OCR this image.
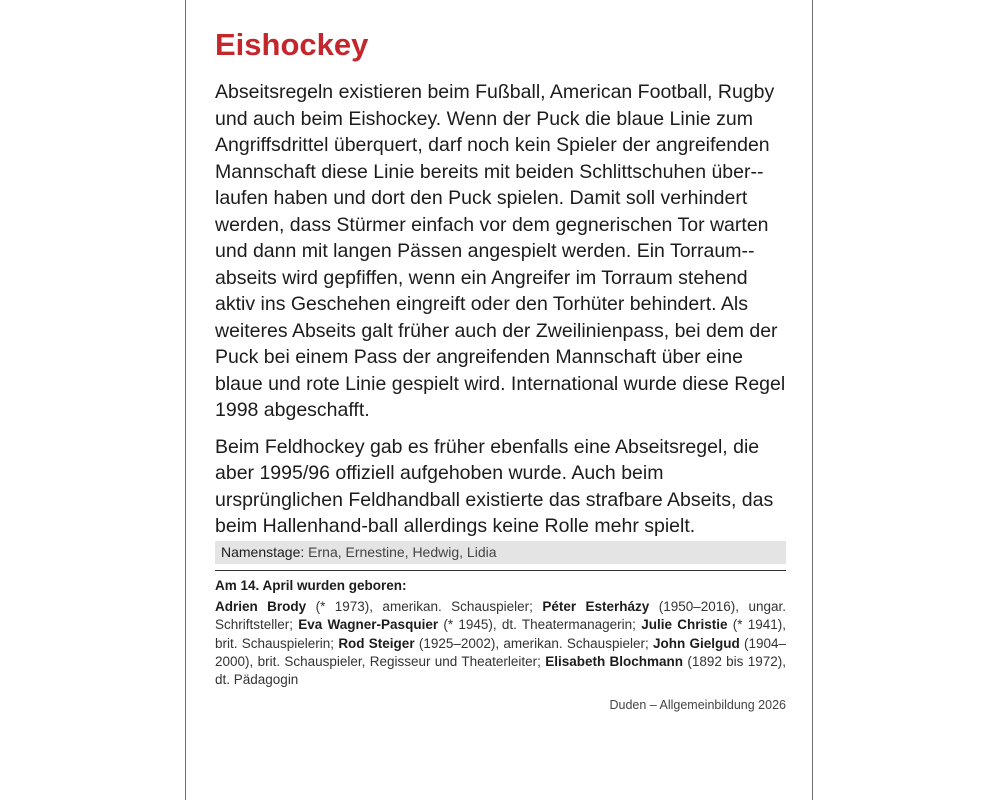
Eishockey

Abseitsregeln existieren beim Fußball, American Football, Rugby und auch beim Eishockey. Wenn der Puck die blaue Linie zum Angriffsdrittel überquert, darf noch kein Spieler der angreifenden Mannschaft diese Linie bereits mit beiden Schlittschuhen über-laufen haben und dort den Puck spielen. Damit soll verhindert werden, dass Stürmer einfach vor dem gegnerischen Tor warten und dann mit langen Pässen angespielt werden. Ein Torraum-abseits wird gepfiffen, wenn ein Angreifer im Torraum stehend aktiv ins Geschehen eingreift oder den Torhüter behindert. Als weiteres Abseits galt früher auch der Zweilinienpass, bei dem der Puck bei einem Pass der angreifenden Mannschaft über eine blaue und rote Linie gespielt wird. International wurde diese Regel 1998 abgeschafft.

Beim Feldhockey gab es früher ebenfalls eine Abseitsregel, die aber 1995/96 offiziell aufgehoben wurde. Auch beim ursprünglichen Feldhandball existierte das strafbare Abseits, das beim Hallenhand-ball allerdings keine Rolle mehr spielt.

Namenstage: Erna, Ernestine, Hedwig, Lidia
Am 14. April wurden geboren:

Adrien Brody (* 1973), amerikan. Schauspieler; Péter Esterházy (1950–2016), ungar. Schriftsteller; Eva Wagner-Pasquier (* 1945), dt. Theatermanagerin; Julie Christie (* 1941), brit. Schauspielerin; Rod Steiger (1925–2002), amerikan. Schauspieler; John Gielgud (1904–2000), brit. Schauspieler, Regisseur und Theaterleiter; Elisabeth Blochmann (1892 bis 1972), dt. Pädagogin

Duden – Allgemeinbildung 2026
